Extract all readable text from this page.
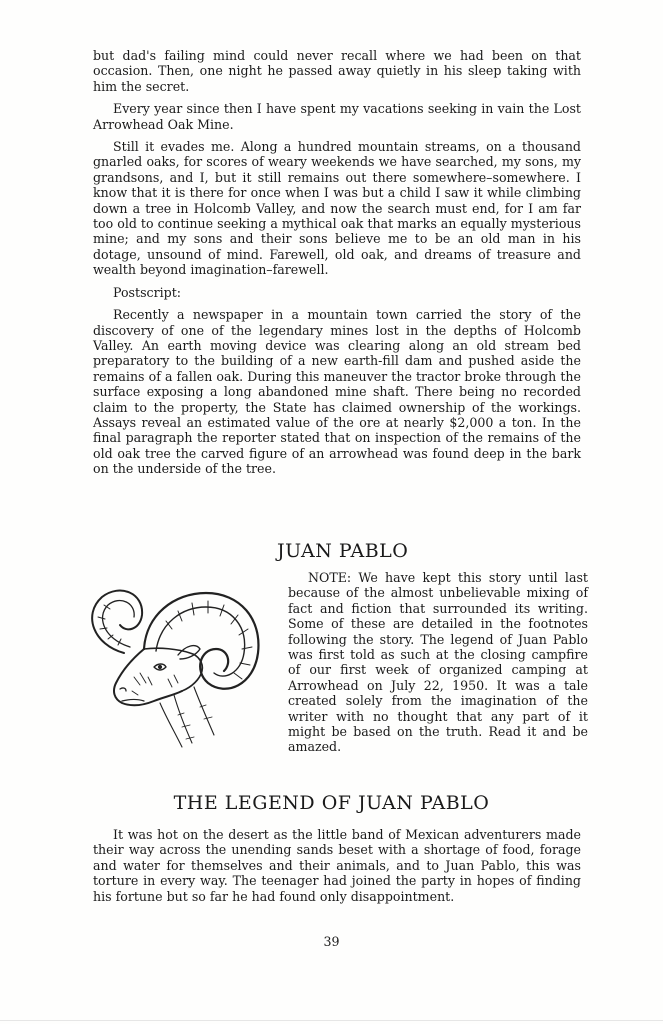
but dad's failing mind could never recall where we had been on that occasion. Then, one night he passed away quietly in his sleep taking with him the secret.

Every year since then I have spent my vacations seeking in vain the Lost Arrowhead Oak Mine.

Still it evades me. Along a hundred mountain streams, on a thousand gnarled oaks, for scores of weary weekends we have searched, my sons, my grandsons, and I, but it still remains out there somewhere–somewhere. I know that it is there for once when I was but a child I saw it while climbing down a tree in Holcomb Valley, and now the search must end, for I am far too old to continue seeking a mythical oak that marks an equally mysterious mine; and my sons and their sons believe me to be an old man in his dotage, unsound of mind. Farewell, old oak, and dreams of treasure and wealth beyond imagination–farewell.

Postscript:

Recently a newspaper in a mountain town carried the story of the discovery of one of the legendary mines lost in the depths of Holcomb Valley. An earth moving device was clearing along an old stream bed preparatory to the building of a new earth-fill dam and pushed aside the remains of a fallen oak. During this maneuver the tractor broke through the surface exposing a long abandoned mine shaft. There being no recorded claim to the property, the State has claimed ownership of the workings. Assays reveal an estimated value of the ore at nearly $2,000 a ton. In the final paragraph the reporter stated that on inspection of the remains of the old oak tree the carved figure of an arrowhead was found deep in the bark on the underside of the tree.

JUAN PABLO

NOTE: We have kept this story until last because of the almost unbelievable mixing of fact and fiction that surrounded its writing. Some of these are detailed in the footnotes following the story. The legend of Juan Pablo was first told as such at the closing campfire of our first week of organized camping at Arrowhead on July 22, 1950. It was a tale created solely from the imagination of the writer with no thought that any part of it might be based on the truth. Read it and be amazed.

THE LEGEND OF JUAN PABLO

It was hot on the desert as the little band of Mexican adventurers made their way across the unending sands beset with a shortage of food, forage and water for themselves and their animals, and to Juan Pablo, this was torture in every way. The teenager had joined the party in hopes of finding his fortune but so far he had found only disappointment.

39
